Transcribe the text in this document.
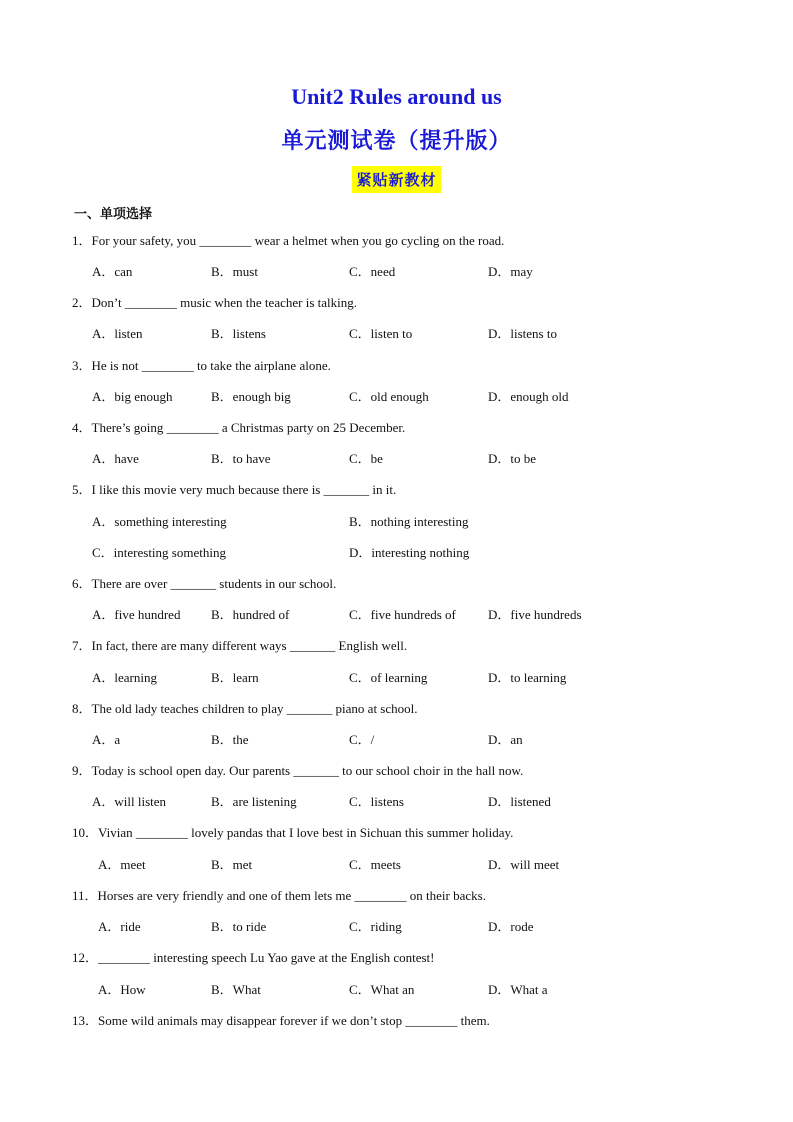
Unit2 Rules around us
单元测试卷（提升版）
紧贴新教材
一、单项选择
1．For your safety, you ________ wear a helmet when you go cycling on the road.
A．can	B．must	C．need	D．may
2．Don’t ________ music when the teacher is talking.
A．listen	B．listens	C．listen to	D．listens to
3．He is not ________ to take the airplane alone.
A．big enough	B．enough big	C．old enough	D．enough old
4．There’s going ________ a Christmas party on 25 December.
A．have	B．to have	C．be	D．to be
5．I like this movie very much because there is _______ in it.
A．something interesting	B．nothing interesting
C．interesting something	D．interesting nothing
6．There are over _______ students in our school.
A．five hundred B．hundred of	C．five hundreds of D．five hundreds
7．In fact, there are many different ways _______ English well.
A．learning	B．learn	C．of learning	D．to learning
8．The old lady teaches children to play _______ piano at school.
A．a	B．the	C．/	D．an
9．Today is school open day. Our parents _______ to our school choir in the hall now.
A．will listen	B．are listening	C．listens	D．listened
10．Vivian ________ lovely pandas that I love best in Sichuan this summer holiday.
A．meet	B．met	C．meets	D．will meet
11．Horses are very friendly and one of them lets me ________ on their backs.
A．ride	B．to ride	C．riding	D．rode
12．________ interesting speech Lu Yao gave at the English contest!
A．How	B．What	C．What an	D．What a
13．Some wild animals may disappear forever if we don’t stop ________ them.
